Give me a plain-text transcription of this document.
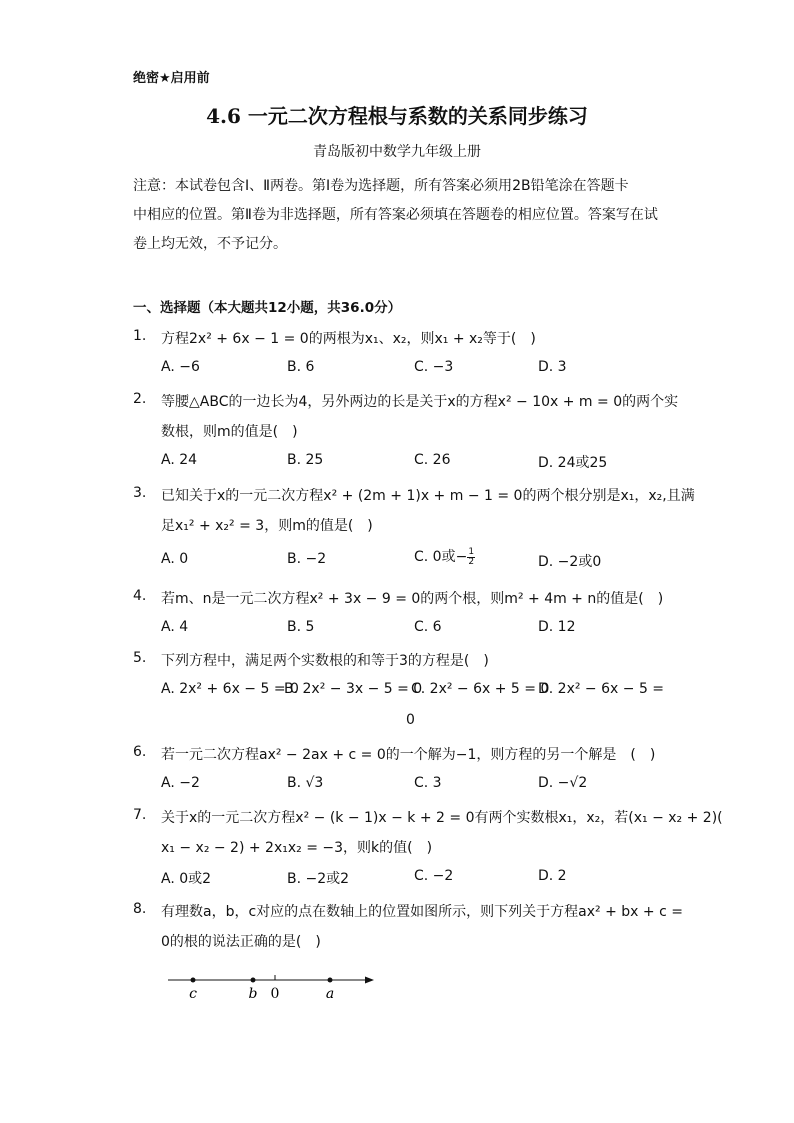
绝密★启用前
4.6 一元二次方程根与系数的关系同步练习
青岛版初中数学九年级上册
注意：本试卷包含Ⅰ、Ⅱ两卷。第Ⅰ卷为选择题，所有答案必须用2B铅笔涂在答题卡
中相应的位置。第Ⅱ卷为非选择题，所有答案必须填在答题卷的相应位置。答案写在试
卷上均无效，不予记分。
一、选择题（本大题共12小题，共36.0分）
1. 方程2x² + 6x − 1 = 0的两根为x₁、x₂，则x₁ + x₂等于(　)
A. −6	B. 6	C. −3	D. 3
2. 等腰△ABC的一边长为4，另外两边的长是关于x的方程x² − 10x + m = 0的两个实
数根，则m的值是(　)
A. 24	B. 25	C. 26	D. 24或25
3. 已知关于x的一元二次方程x² + (2m + 1)x + m − 1 = 0的两个根分别是x₁，x₂,且满
足x₁² + x₂² = 3，则m的值是(　)
A. 0	B. −2	C. 0或− $\frac{1}{2}$	D. −2或0
4. 若m、n是一元二次方程x² + 3x − 9 = 0的两个根，则m² + 4m + n的值是(　)
A. 4	B. 5	C. 6	D. 12
5. 下列方程中，满足两个实数根的和等于3的方程是(　)
A. 2x² + 6x − 5 = 0
B. 2x² − 3x − 5 = 0
C. 2x² − 6x + 5 = 0
D. 2x² − 6x − 5 =
0
6. 若一元二次方程ax² − 2ax + c = 0的一个解为−1，则方程的另一个解是　(　)
A. −2	B. √3	C. 3	D. −√2
7. 关于x的一元二次方程x² − (k − 1)x − k + 2 = 0有两个实数根x₁，x₂，若(x₁ − x₂ + 2)(
x₁ − x₂ − 2) + 2x₁x₂ = −3，则k的值(　)
A. 0或2	B. −2或2	C. −2	D. 2
8. 有理数a，b，c对应的点在数轴上的位置如图所示，则下列关于方程ax² + bx + c =
0的根的说法正确的是(　)
c	b 0	a
